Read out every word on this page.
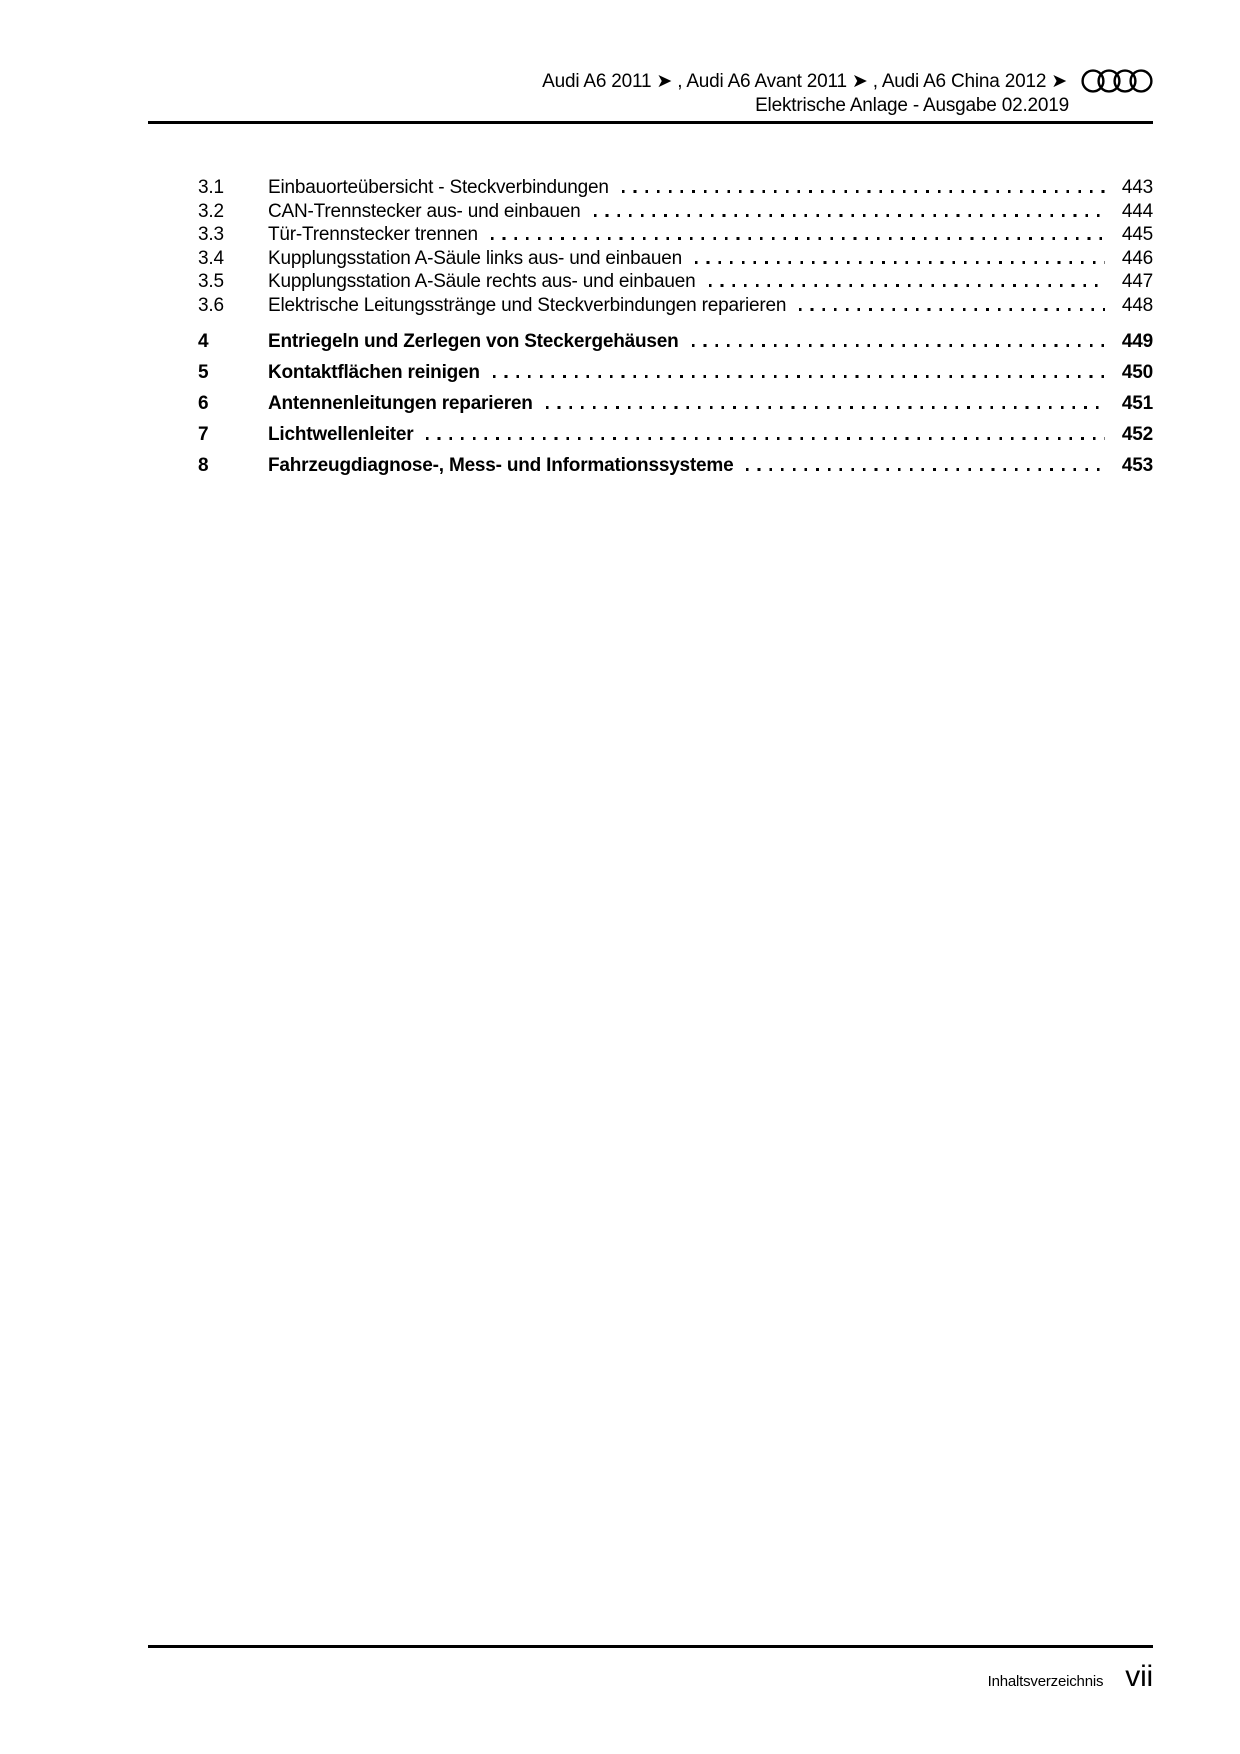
Audi A6 2011 ➤ , Audi A6 Avant 2011 ➤ , Audi A6 China 2012 ➤
Elektrische Anlage - Ausgabe 02.2019
3.1	Einbauorteübersicht - Steckverbindungen	443
3.2	CAN-Trennstecker aus- und einbauen	444
3.3	Tür-Trennstecker trennen	445
3.4	Kupplungsstation A-Säule links aus- und einbauen	446
3.5	Kupplungsstation A-Säule rechts aus- und einbauen	447
3.6	Elektrische Leitungsstränge und Steckverbindungen reparieren	448
4	Entriegeln und Zerlegen von Steckergehäusen	449
5	Kontaktflächen reinigen	450
6	Antennenleitungen reparieren	451
7	Lichtwellenleiter	452
8	Fahrzeugdiagnose-, Mess- und Informationssysteme	453
Inhaltsverzeichnis vii
